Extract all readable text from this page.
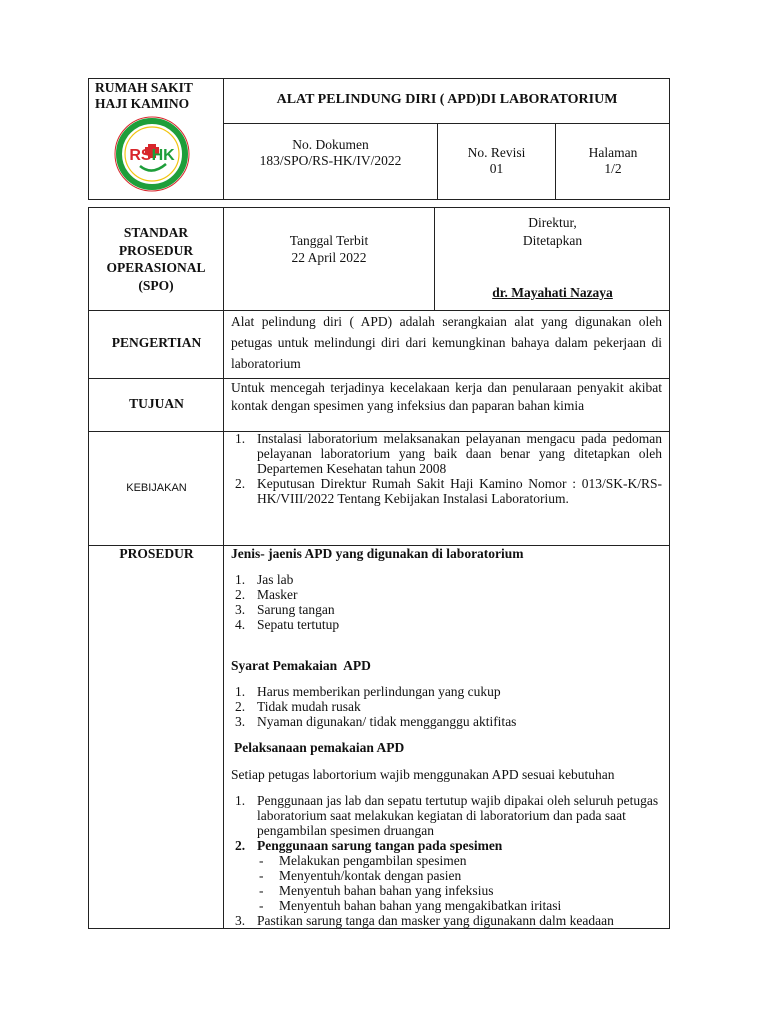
RUMAH SAKIT HAJI KAMINO
RSHK
ALAT PELINDUNG DIRI ( APD)DI LABORATORIUM
No. Dokumen
183/SPO/RS-HK/IV/2022
No. Revisi
01
Halaman
1/2
STANDAR PROSEDUR OPERASIONAL (SPO)
Tanggal Terbit
22 April 2022
Direktur,
Ditetapkan
dr. Mayahati Nazaya
PENGERTIAN
Alat pelindung diri ( APD) adalah serangkaian alat yang digunakan oleh petugas untuk melindungi diri dari kemungkinan bahaya dalam pekerjaan di laboratorium
TUJUAN
Untuk mencegah terjadinya kecelakaan kerja dan penularaan penyakit akibat kontak dengan spesimen yang infeksius dan paparan bahan kimia
KEBIJAKAN
1. Instalasi laboratorium melaksanakan pelayanan mengacu pada pedoman pelayanan laboratorium yang baik daan benar yang ditetapkan oleh Departemen Kesehatan tahun 2008
2. Keputusan Direktur Rumah Sakit Haji Kamino Nomor : 013/SK-K/RS-HK/VIII/2022 Tentang Kebijakan Instalasi Laboratorium.
PROSEDUR	Jenis- jaenis APD yang digunakan di laboratorium
1. Jas lab
2. Masker
3. Sarung tangan
4. Sepatu tertutup
Syarat Pemakaian  APD
1. Harus memberikan perlindungan yang cukup
2. Tidak mudah rusak
3. Nyaman digunakan/ tidak mengganggu aktifitas
Pelaksanaan pemakaian APD
Setiap petugas labortorium wajib menggunakan APD sesuai kebutuhan
1. Penggunaan jas lab dan sepatu tertutup wajib dipakai oleh seluruh petugas laboratorium saat melakukan kegiatan di laboratorium dan pada saat pengambilan spesimen druangan
2. Penggunaan sarung tangan pada spesimen
- Melakukan pengambilan spesimen
- Menyentuh/kontak dengan pasien
- Menyentuh bahan bahan yang infeksius
- Menyentuh bahan bahan yang mengakibatkan iritasi
3. Pastikan sarung tanga dan masker yang digunakann dalm keadaan
